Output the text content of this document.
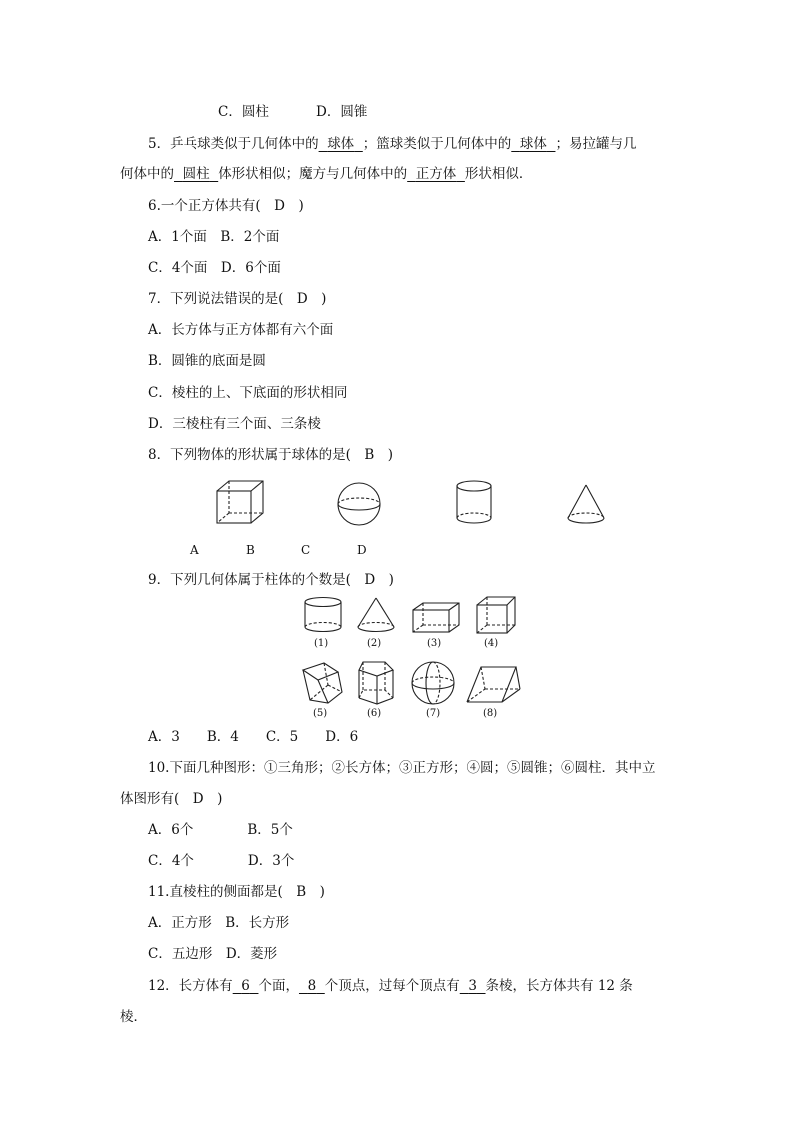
C．圆柱	D．圆锥
5．乒乓球类似于几何体中的 球体 ；篮球类似于几何体中的 球体 ；易拉罐与几
何体中的 圆柱 体形状相似；魔方与几何体中的 正方体 形状相似．
6.一个正方体共有(　D　)
A．1个面　B．2个面
C．4个面　D．6个面
7．下列说法错误的是(　D　)
A．长方体与正方体都有六个面
B．圆锥的底面是圆
C．棱柱的上、下底面的形状相同
D．三棱柱有三个面、三条棱
8．下列物体的形状属于球体的是(　B　)
A	B	C	D
9．下列几何体属于柱体的个数是(　D　)
(1)	(2)	(3)	(4)
(5)	(6)	(7)	(8)
A．3　　B．4　　C．5　　D．6
10.下面几种图形：①三角形；②长方体；③正方形；④圆；⑤圆锥；⑥圆柱．其中立
体图形有(　D　)
A．6个　　　　B．5个
C．4个　　　　D．3个
11.直棱柱的侧面都是(　B　)
A．正方形　B．长方形
C．五边形　D．菱形
12．长方体有 6 个面， 8 个顶点，过每个顶点有 3 条棱，长方体共有 12 条
棱．
